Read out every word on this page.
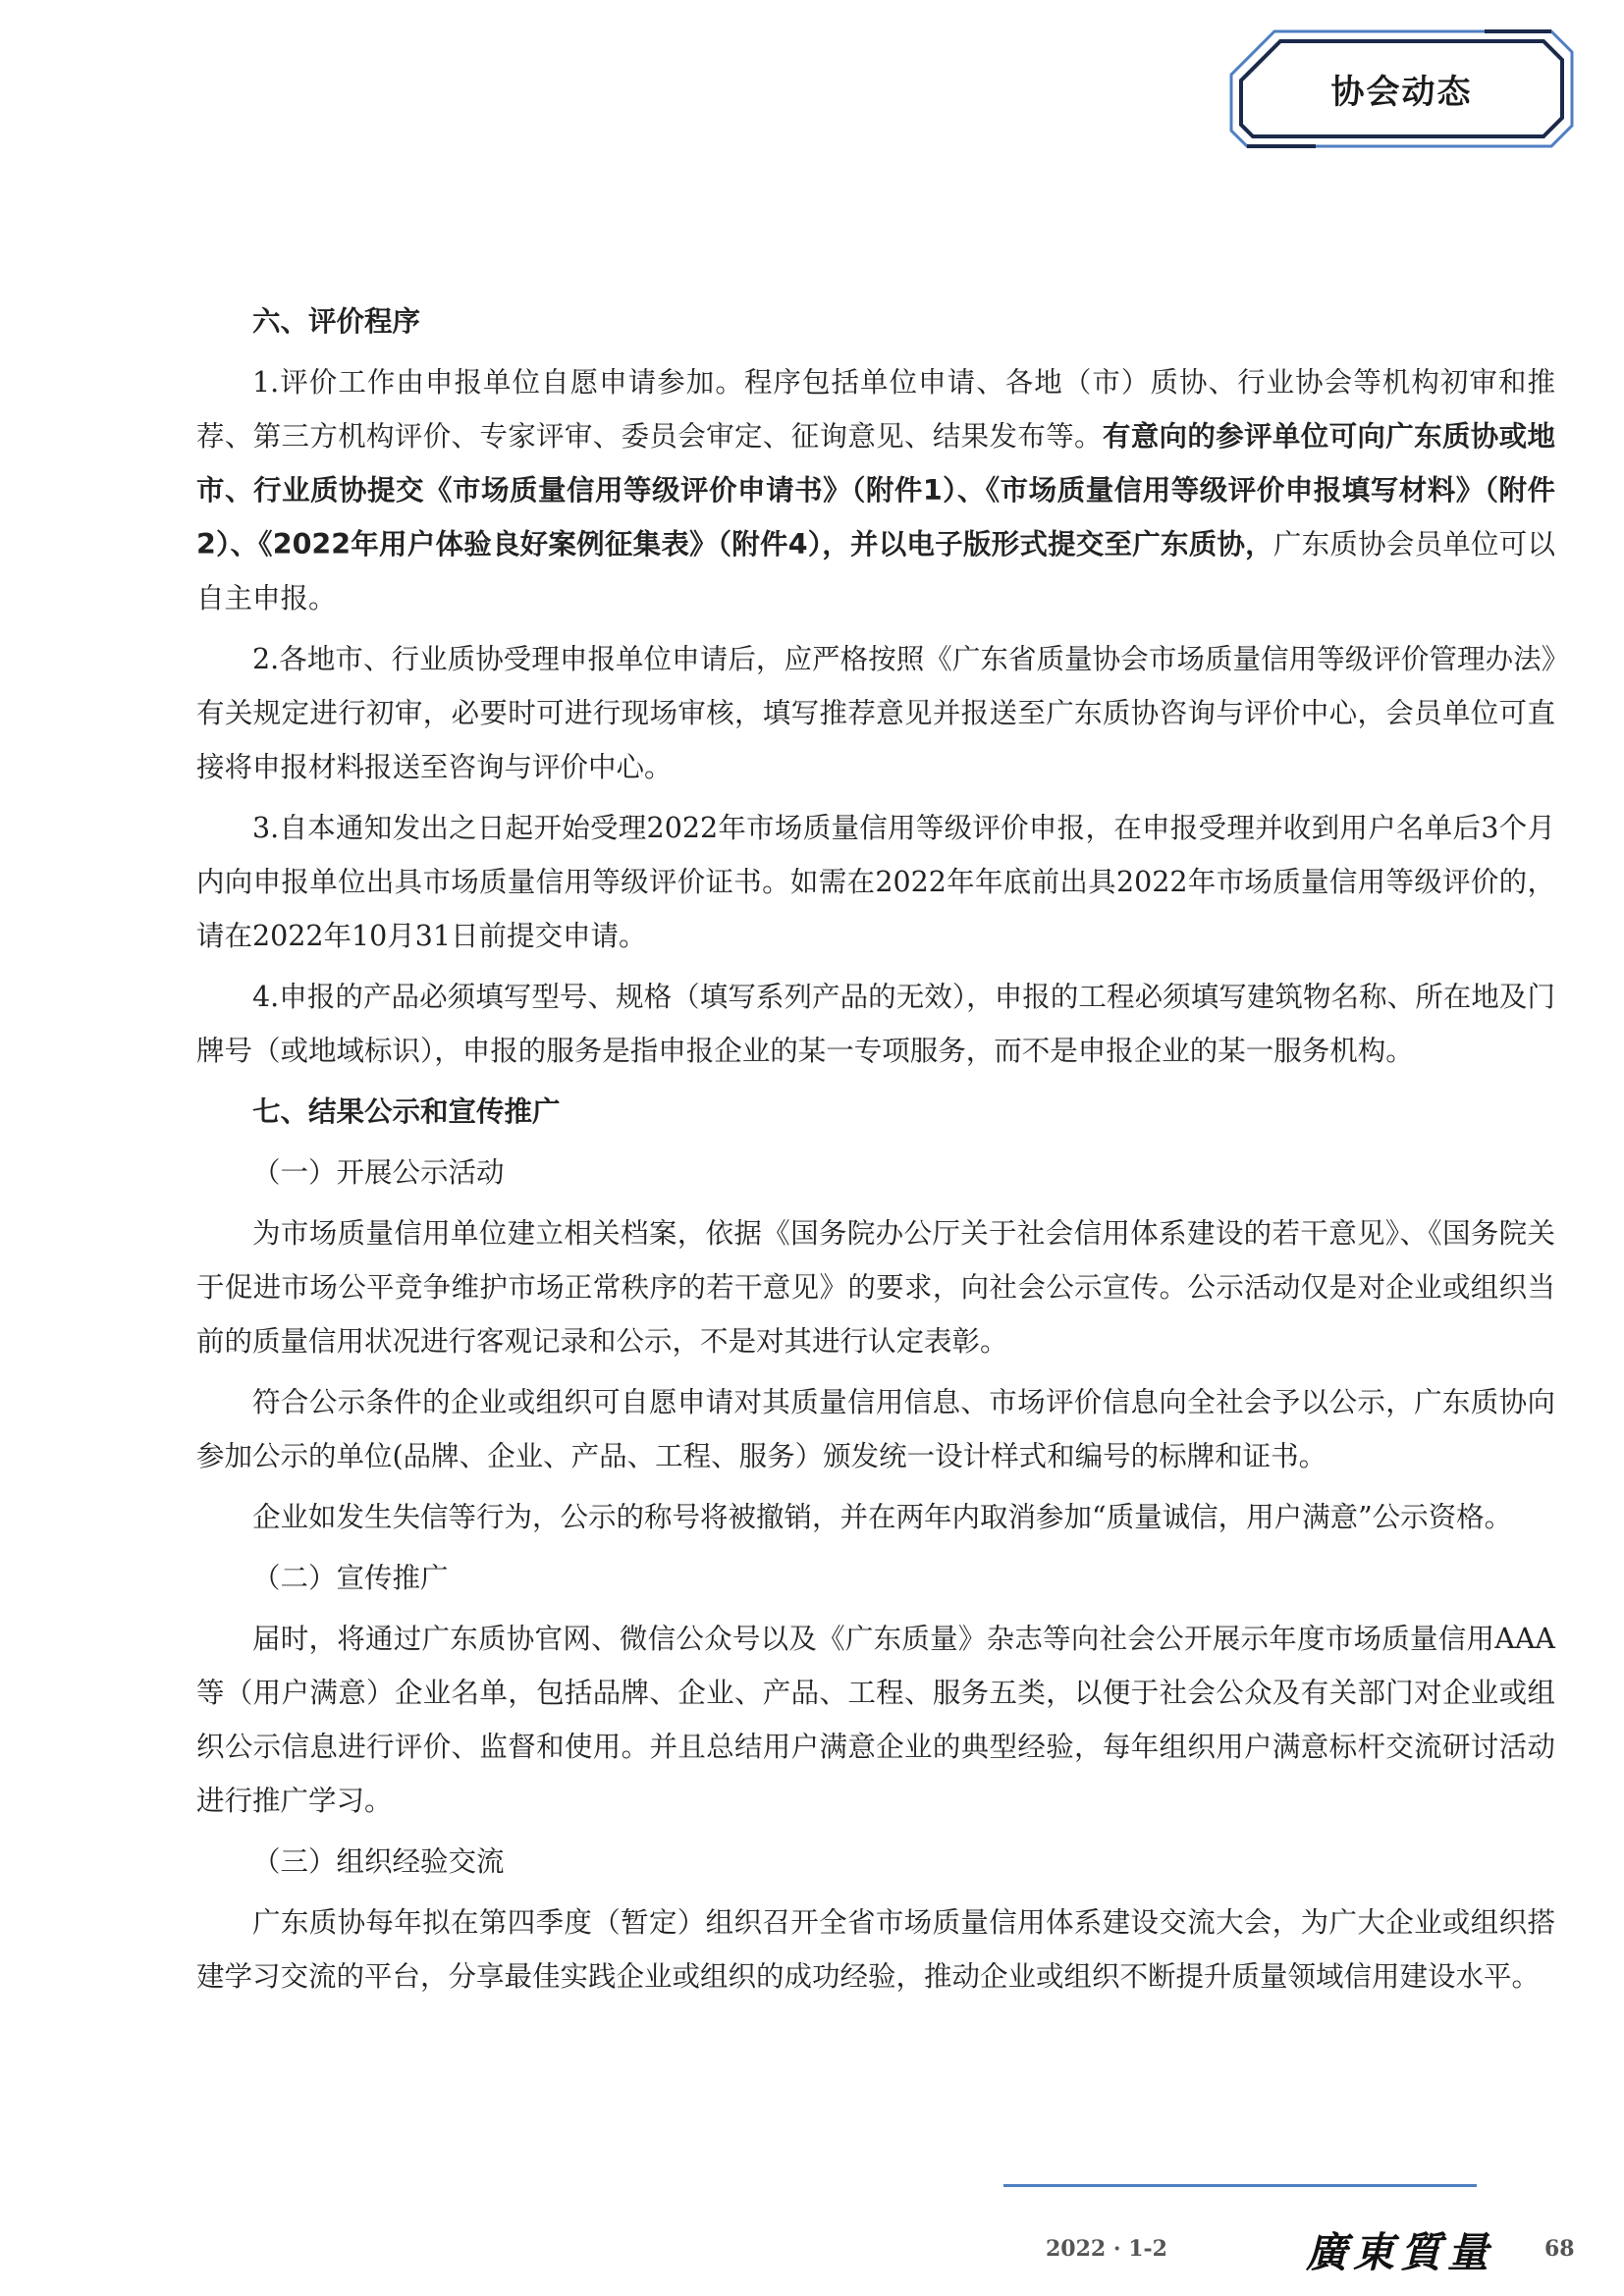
协会动态

六、评价程序

1.评价工作由申报单位自愿申请参加。程序包括单位申请、各地（市）质协、行业协会等机构初审和推荐、第三方机构评价、专家评审、委员会审定、征询意见、结果发布等。有意向的参评单位可向广东质协或地市、行业质协提交《市场质量信用等级评价申请书》（附件1）、《市场质量信用等级评价申报填写材料》（附件2）、《2022年用户体验良好案例征集表》（附件4），并以电子版形式提交至广东质协，广东质协会员单位可以自主申报。

2.各地市、行业质协受理申报单位申请后，应严格按照《广东省质量协会市场质量信用等级评价管理办法》有关规定进行初审，必要时可进行现场审核，填写推荐意见并报送至广东质协咨询与评价中心，会员单位可直接将申报材料报送至咨询与评价中心。

3.自本通知发出之日起开始受理2022年市场质量信用等级评价申报，在申报受理并收到用户名单后3个月内向申报单位出具市场质量信用等级评价证书。如需在2022年年底前出具2022年市场质量信用等级评价的，请在2022年10月31日前提交申请。

4.申报的产品必须填写型号、规格（填写系列产品的无效），申报的工程必须填写建筑物名称、所在地及门牌号（或地域标识），申报的服务是指申报企业的某一专项服务，而不是申报企业的某一服务机构。

七、结果公示和宣传推广

（一）开展公示活动

为市场质量信用单位建立相关档案，依据《国务院办公厅关于社会信用体系建设的若干意见》、《国务院关于促进市场公平竞争维护市场正常秩序的若干意见》的要求，向社会公示宣传。公示活动仅是对企业或组织当前的质量信用状况进行客观记录和公示，不是对其进行认定表彰。

符合公示条件的企业或组织可自愿申请对其质量信用信息、市场评价信息向全社会予以公示，广东质协向参加公示的单位(品牌、企业、产品、工程、服务）颁发统一设计样式和编号的标牌和证书。

企业如发生失信等行为，公示的称号将被撤销，并在两年内取消参加“质量诚信，用户满意”公示资格。

（二）宣传推广

届时，将通过广东质协官网、微信公众号以及《广东质量》杂志等向社会公开展示年度市场质量信用AAA等（用户满意）企业名单，包括品牌、企业、产品、工程、服务五类，以便于社会公众及有关部门对企业或组织公示信息进行评价、监督和使用。并且总结用户满意企业的典型经验，每年组织用户满意标杆交流研讨活动进行推广学习。

（三）组织经验交流

广东质协每年拟在第四季度（暂定）组织召开全省市场质量信用体系建设交流大会，为广大企业或组织搭建学习交流的平台，分享最佳实践企业或组织的成功经验，推动企业或组织不断提升质量领域信用建设水平。

2022 · 1-2	廣東質量 68
